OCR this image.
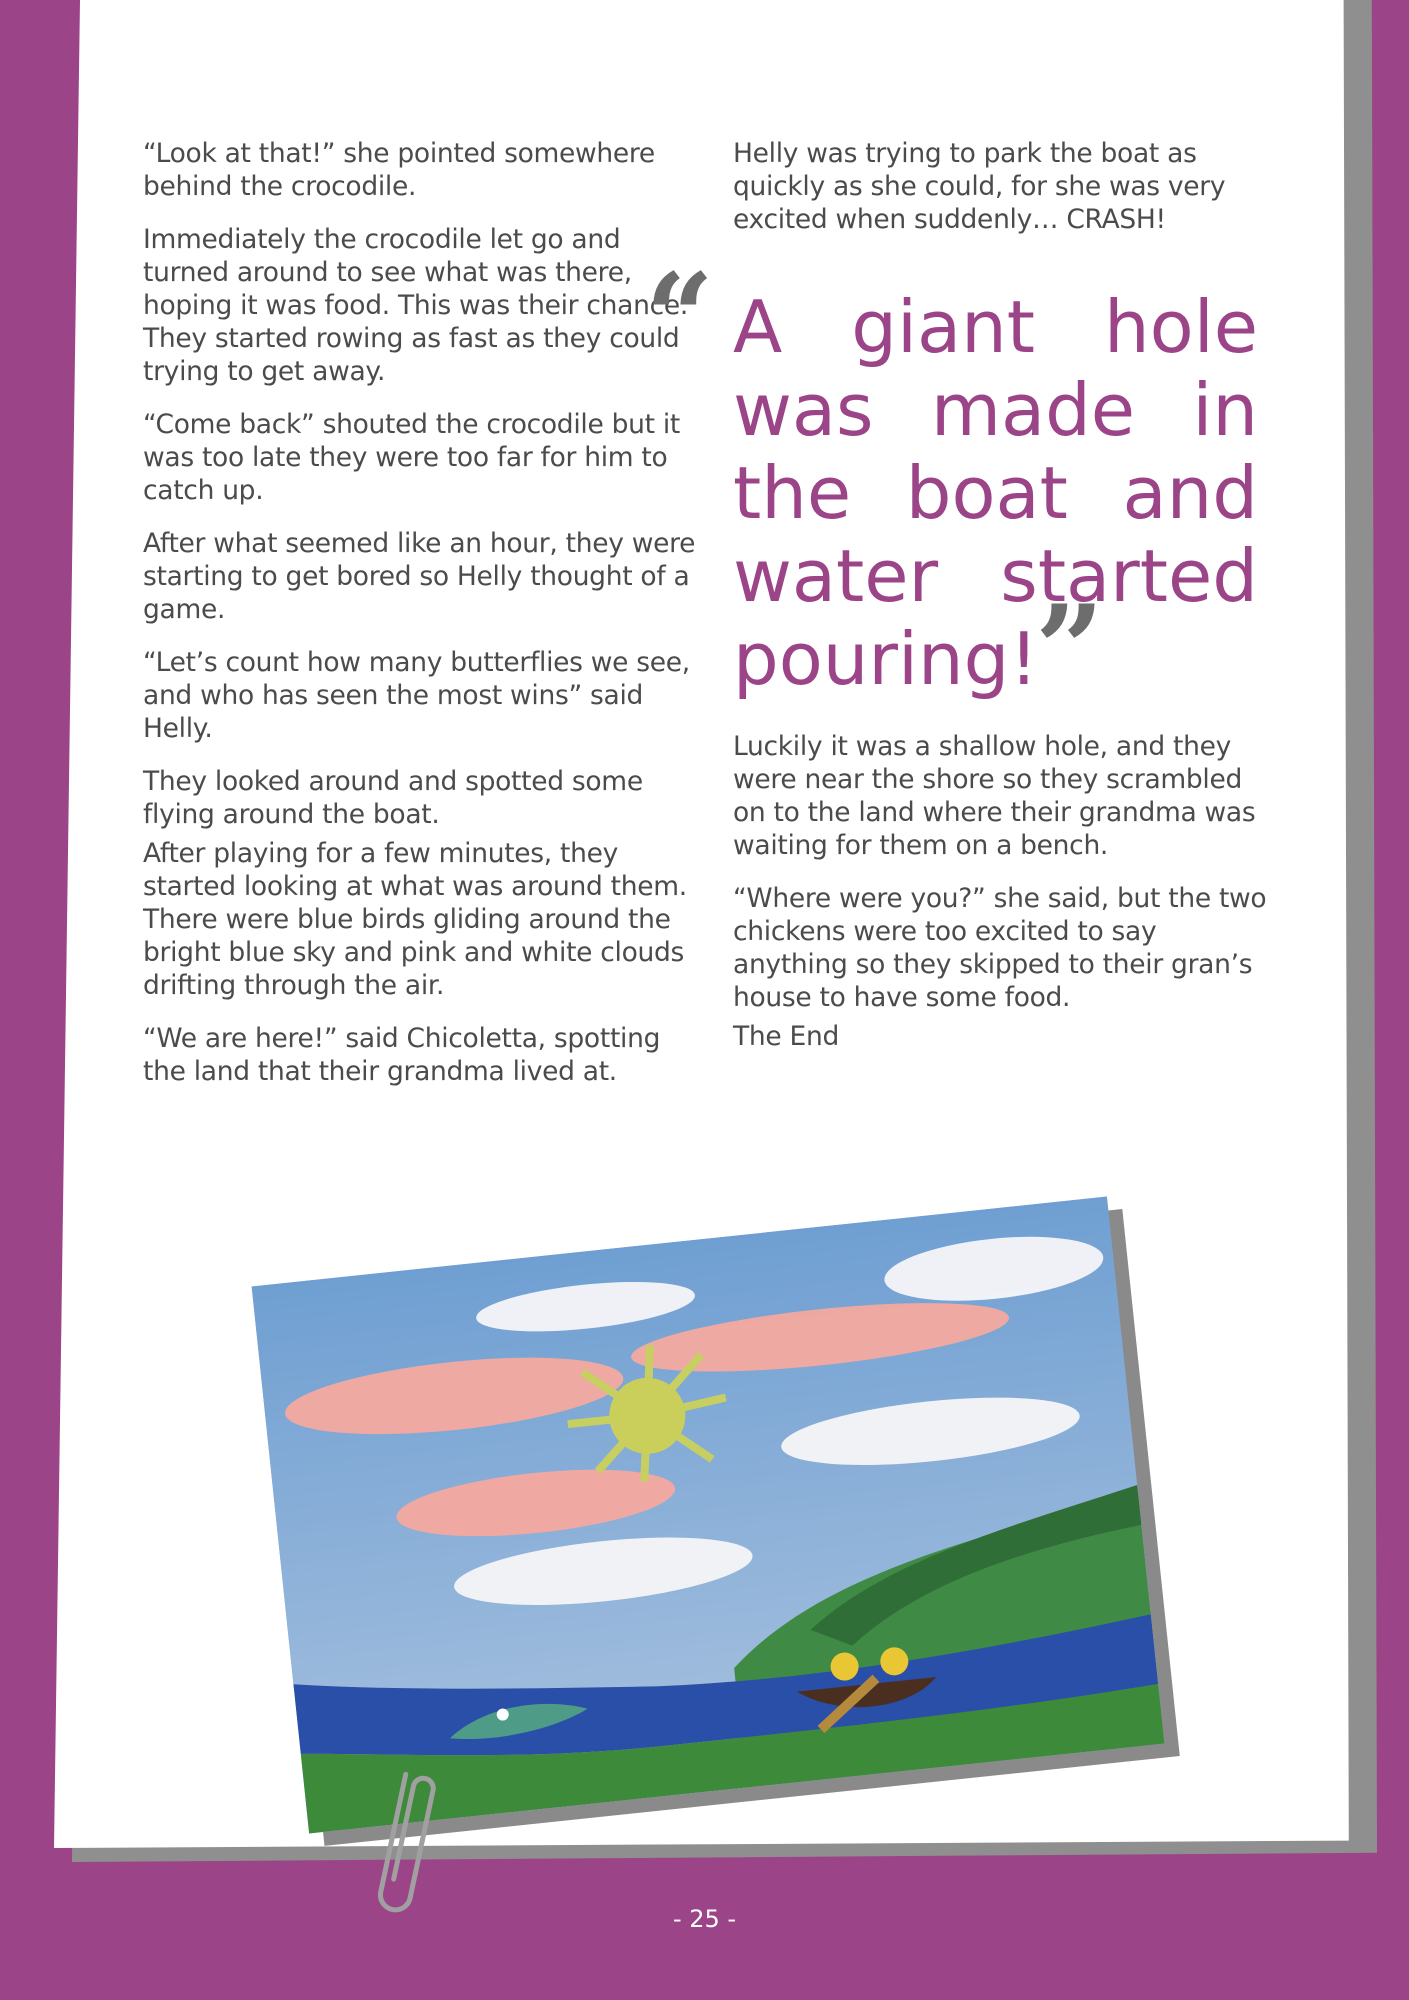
“Look at that!” she pointed somewhere behind the crocodile.

Immediately the crocodile let go and turned around to see what was there, hoping it was food. This was their chance. They started rowing as fast as they could trying to get away.

“Come back” shouted the crocodile but it was too late they were too far for him to catch up.

After what seemed like an hour, they were starting to get bored so Helly thought of a game.

“Let’s count how many butterflies we see, and who has seen the most wins” said Helly.

They looked around and spotted some flying around the boat.

After playing for a few minutes, they started looking at what was around them. There were blue birds gliding around the bright blue sky and pink and white clouds drifting through the air.

“We are here!” said Chicoletta, spotting the land that their grandma lived at.

Helly was trying to park the boat as quickly as she could, for she was very excited when suddenly… CRASH!

“ A giant hole was made in the boat and water started pouring!
”

Luckily it was a shallow hole, and they were near the shore so they scrambled on to the land where their grandma was waiting for them on a bench.

“Where were you?” she said, but the two chickens were too excited to say anything so they skipped to their gran’s house to have some food.

The End

- 25 -
